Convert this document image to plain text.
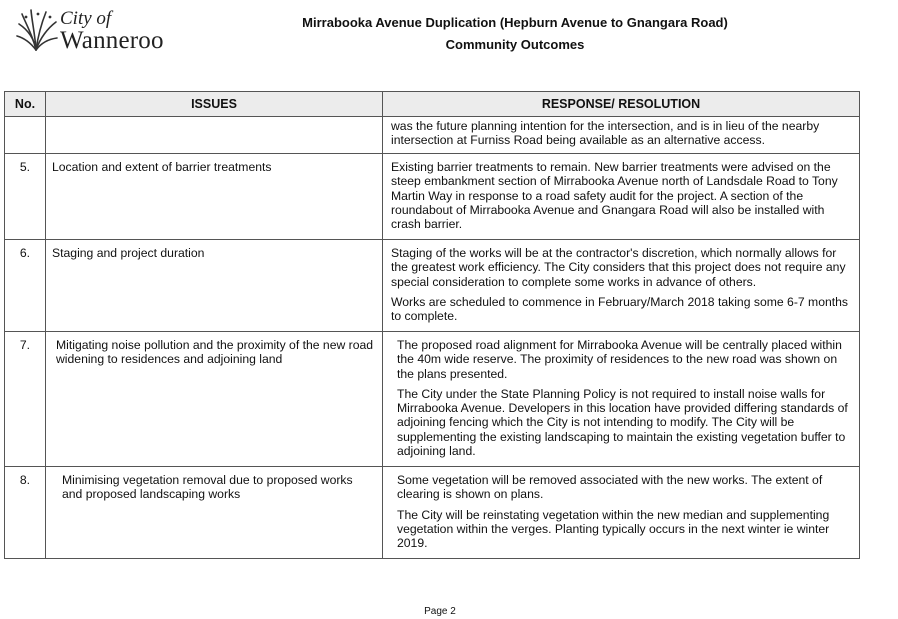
City of
Wanneroo
Mirrabooka Avenue Duplication (Hepburn Avenue to Gnangara Road)
Community Outcomes
No.	ISSUES	RESPONSE/ RESOLUTION

		was the future planning intention for the intersection, and is in lieu of the nearby intersection at Furniss Road being available as an alternative access.

5.	Location and extent of barrier treatments	Existing barrier treatments to remain. New barrier treatments were advised on the steep embankment section of Mirrabooka Avenue north of Landsdale Road to Tony Martin Way in response to a road safety audit for the project. A section of the roundabout of Mirrabooka Avenue and Gnangara Road will also be installed with crash barrier.

6.	Staging and project duration	Staging of the works will be at the contractor's discretion, which normally allows for the greatest work efficiency. The City considers that this project does not require any special consideration to complete some works in advance of others.

Works are scheduled to commence in February/March 2018 taking some 6-7 months to complete.

7.	Mitigating noise pollution and the proximity of the new road widening to residences and adjoining land	The proposed road alignment for Mirrabooka Avenue will be centrally placed within the 40m wide reserve. The proximity of residences to the new road was shown on the plans presented.

The City under the State Planning Policy is not required to install noise walls for Mirrabooka Avenue. Developers in this location have provided differing standards of adjoining fencing which the City is not intending to modify. The City will be supplementing the existing landscaping to maintain the existing vegetation buffer to adjoining land.

8.	Minimising vegetation removal due to proposed works and proposed landscaping works	Some vegetation will be removed associated with the new works. The extent of clearing is shown on plans.

The City will be reinstating vegetation within the new median and supplementing vegetation within the verges. Planting typically occurs in the next winter ie winter 2019.

Page 2
